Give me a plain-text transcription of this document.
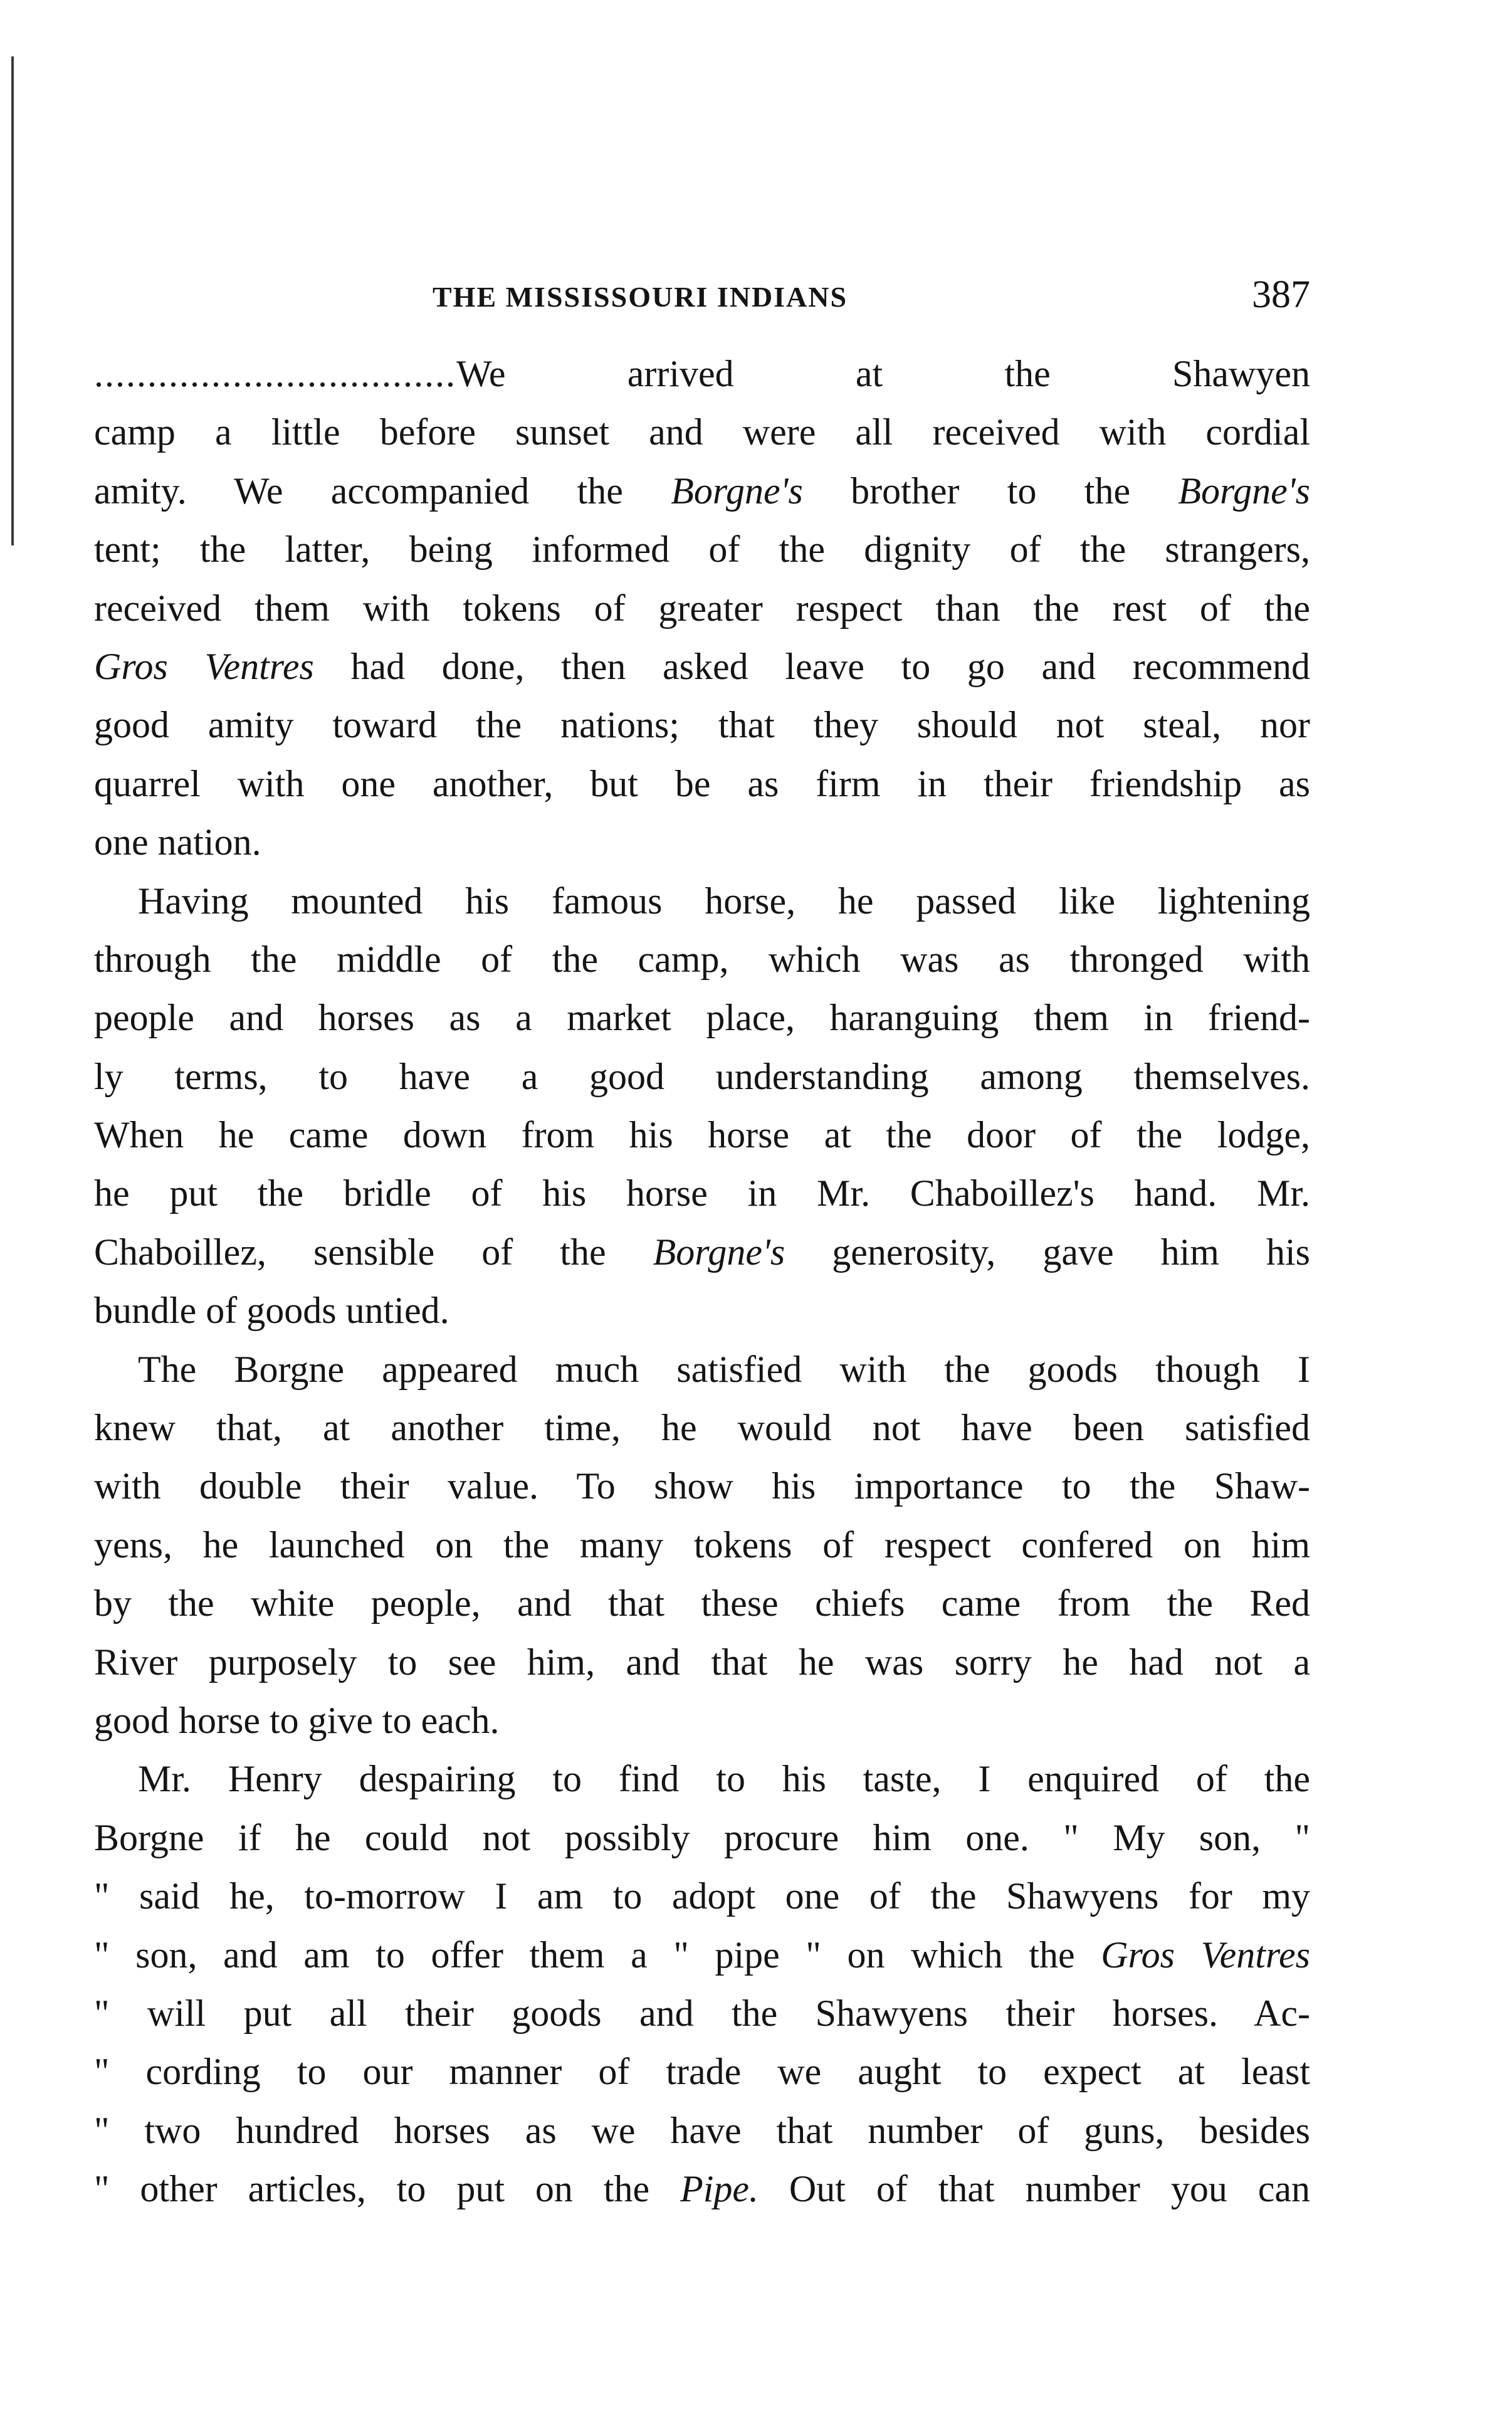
THE MISSISSOURI INDIANS	387
..................................We arrived at the Shawyen
camp a little before sunset and were all received with cordial
amity. We accompanied the Borgne's brother to the Borgne's
tent; the latter, being informed of the dignity of the strangers,
received them with tokens of greater respect than the rest of the
Gros Ventres had done, then asked leave to go and recommend
good amity toward the nations; that they should not steal, nor
quarrel with one another, but be as firm in their friendship as
one nation.
Having mounted his famous horse, he passed like lightening
through the middle of the camp, which was as thronged with
people and horses as a market place, haranguing them in friend-
ly terms, to have a good understanding among themselves.
When he came down from his horse at the door of the lodge,
he put the bridle of his horse in Mr. Chaboillez's hand. Mr.
Chaboillez, sensible of the Borgne's generosity, gave him his
bundle of goods untied.
The Borgne appeared much satisfied with the goods though I
knew that, at another time, he would not have been satisfied
with double their value. To show his importance to the Shaw-
yens, he launched on the many tokens of respect confered on him
by the white people, and that these chiefs came from the Red
River purposely to see him, and that he was sorry he had not a
good horse to give to each.
Mr. Henry despairing to find to his taste, I enquired of the
Borgne if he could not possibly procure him one. " My son, "
" said he, to-morrow I am to adopt one of the Shawyens for my
" son, and am to offer them a " pipe " on which the Gros Ventres
" will put all their goods and the Shawyens their horses. Ac-
" cording to our manner of trade we aught to expect at least
" two hundred horses as we have that number of guns, besides
" other articles, to put on the Pipe. Out of that number you can
